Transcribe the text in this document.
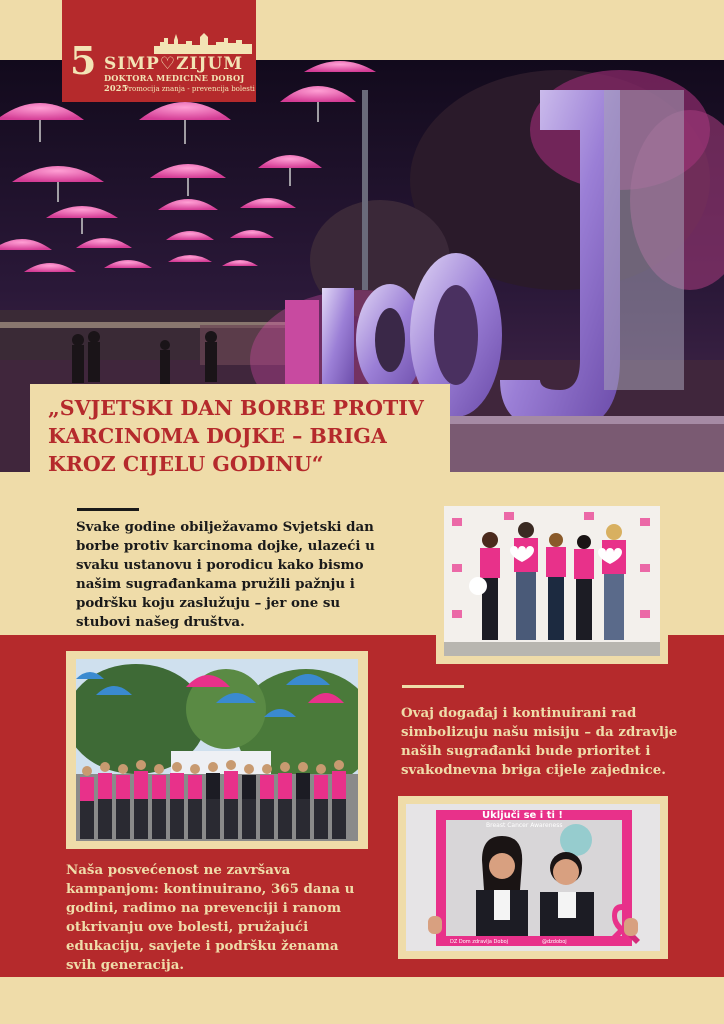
5 SIMP♡ZIJUM
DOKTORA MEDICINE DOBOJ 2025
Promocija znanja - prevencija bolesti
„SVJETSKI DAN BORBE PROTIV KARCINOMA DOJKE – BRIGA KROZ CIJELU GODINU“

Svake godine obilježavamo Svjetski dan borbe protiv karcinoma dojke, ulazeći u svaku ustanovu i porodicu kako bismo našim sugrađankama pružili pažnju i podršku koju zaslužuju – jer one su stubovi našeg društva.

Ovaj događaj i kontinuirani rad simbolizuju našu misiju – da zdravlje naših sugrađanki bude prioritet i svakodnevna briga cijele zajednice.

Uključi se i ti !
Breast Cancer Awareness
DZ Dom zdravlja Doboj	@dzdoboj

Naša posvećenost ne završava kampanjom: kontinuirano, 365 dana u godini, radimo na prevenciji i ranom otkrivanju ove bolesti, pružajući edukaciju, savjete i podršku ženama svih generacija.
